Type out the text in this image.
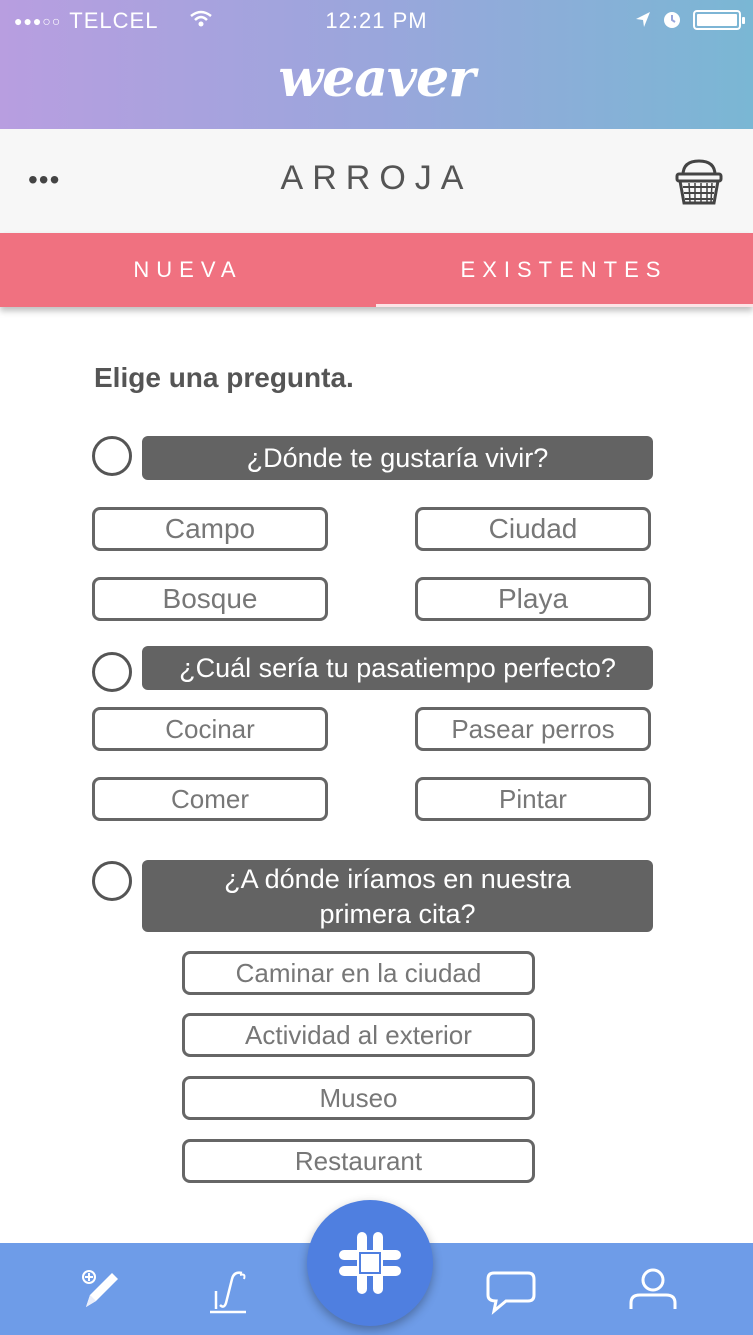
●●●○○ TELCEL	12:21 PM
weaver
•••	ARROJA
NUEVA	EXISTENTES
Elige una pregunta.
¿Dónde te gustaría vivir?
Campo	Ciudad
Bosque	Playa
¿Cuál sería tu pasatiempo perfecto?
Cocinar	Pasear perros
Comer	Pintar
¿A dónde iríamos en nuestra
primera cita?
Caminar en la ciudad
Actividad al exterior
Museo
Restaurant
